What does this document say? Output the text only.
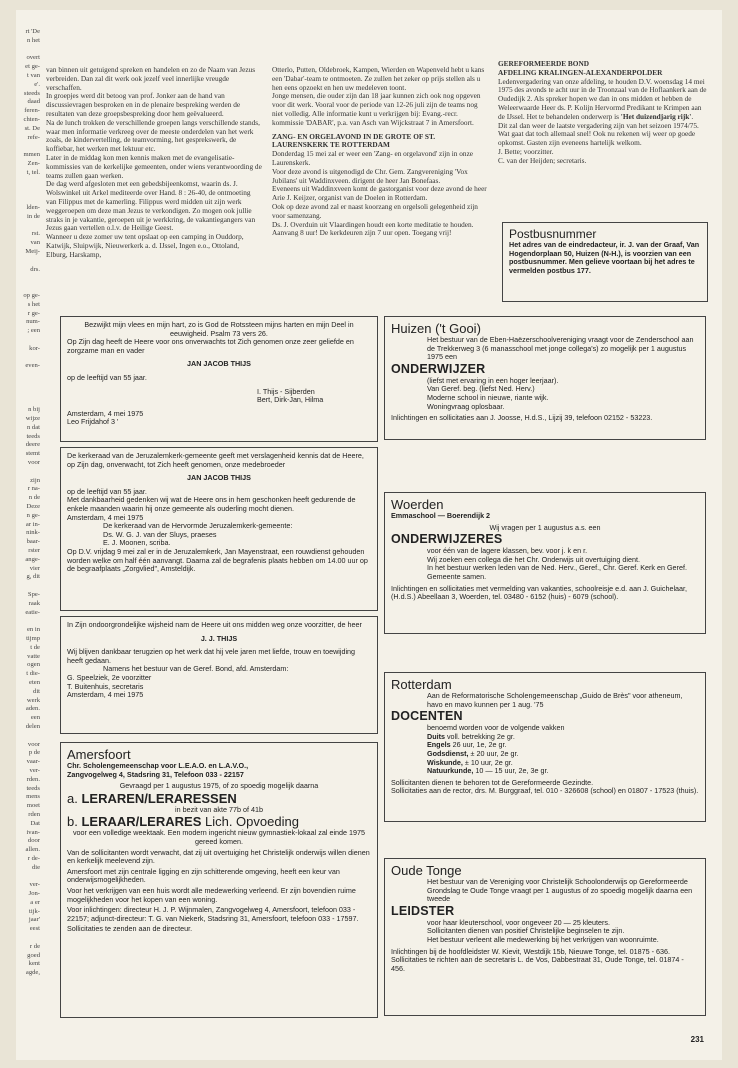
rt 'De

n het

overt

et ge-

t van

e'.

steeds

daad

feren-

chten-

st. De

refe-

mmen

Zen-

t, tel.

lden-

in de

rst.

van

Meij-

drs.

op ge-

s het

r ge-

num-

; een

kor-

even-

n bij

wijze

n dat

teeds

deere

stemt

voor

zijn

r na-

n de

Deze

n ge-

ar in-

nink-

baar-

rster

ange-

vier

g, dit

Spe-

raak

eatie-

en in

tijmp

t de

vatte

ogen

t die-

eten

dit

werk

aden.

een

delen

voor

p de

vaar-

ver-

rden.

teeds

mens

moet

rden

Dat

ivan-

door

allen.

r de-

die

ver-

Jon-

a er

tijk-

jaar'

eest

r de

goed

kent

agde,

van binnen uit getuigend spreken en handelen en zo de Naam van Jezus verbreiden. Dan zal dit werk ook jezelf veel innerlijke vreugde verschaffen.

In groepjes werd dit betoog van prof. Jonker aan de hand van discussievragen besproken en in de plenaire bespreking werden de resultaten van deze groepsbespreking door hem geëvalueerd.

Na de lunch trokken de verschillende groepen langs verschillende stands, waar men informatie verkreeg over de meeste onderdelen van het werk zoals, de kindervertelling, de teamvorming, het gesprekswerk, de koffiebar, het werken met lektuur etc.

Later in de middag kon men kennis maken met de evangelisatie-kommissies van de kerkelijke gemeenten, onder wiens verantwoording de teams zullen gaan werken.

De dag werd afgesloten met een gebedsbijeenkomst, waarin ds. J. Wolswinkel uit Arkel mediteerde over Hand. 8 : 26-40, de ontmoeting van Filippus met de kamerling. Filippus werd midden uit zijn werk weggeroepen om deze man Jezus te verkondigen. Zo mogen ook jullie straks in je vakantie, geroepen uit je werkkring, de vakantiegangers van Jezus gaan vertellen o.l.v. de Heilige Geest.

Wanneer u deze zomer uw tent opslaat op een camping in Ouddorp, Katwijk, Sluipwijk, Nieuwerkerk a. d. IJssel, Ingen e.o., Ottoland, Elburg, Harskamp,

Otterlo, Putten, Oldebroek, Kampen, Wierden en Wapenveld hebt u kans een 'Dabar'-team te ontmoeten. Ze zullen het zeker op prijs stellen als u hen eens opzoekt en hen uw medeleven toont.

Jonge mensen, die ouder zijn dan 18 jaar kunnen zich ook nog opgeven voor dit werk. Vooral voor de periode van 12-26 juli zijn de teams nog niet volledig. Alle informatie kunt u verkrijgen bij: Evang.-recr. kommissie 'DABAR', p.a. van Asch van Wijckstraat 7 in Amersfoort.

ZANG- EN ORGELAVOND IN DE GROTE OF ST. LAURENSKERK TE ROTTERDAM

Donderdag 15 mei zal er weer een 'Zang- en orgelavond' zijn in onze Laurenskerk.

Voor deze avond is uitgenodigd de Chr. Gem. Zangvereniging 'Vox Jubilans' uit Waddinxveen. dirigent de heer Jan Bonefaas.

Eveneens uit Waddinxveen komt de gastorganist voor deze avond de heer Arie J. Keijzer, organist van de Doelen in Rotterdam.

Ook op deze avond zal er naast koorzang en orgelsoli gelegenheid zijn voor samenzang.

Ds. J. Overduin uit Vlaardingen houdt een korte meditatie te houden.

Aanvang 8 uur! De kerkdeuren zijn 7 uur open. Toegang vrij!

GEREFORMEERDE BOND
AFDELING KRALINGEN-ALEXANDERPOLDER

Ledenvergadering van onze afdeling, te houden D.V. woensdag 14 mei 1975 des avonds te acht uur in de Troonzaal van de Hoflaankerk aan de Oudedijk 2. Als spreker hopen we dan in ons midden et hebben de Weleerwaarde Heer ds. P. Kolijn Hervormd Predikant te Krimpen aan de IJssel. Het te behandelen onderwerp is 'Het duizendjarig rijk'.

Dit zal dan weer de laatste vergadering zijn van het seizoen 1974/75. Wat gaat dat toch allemaal snel! Ook nu rekenen wij weer op goede opkomst. Gasten zijn eveneens hartelijk welkom.

J. Bette; voorzitter.

C. van der Heijden; secretaris.

Postbusnummer

Het adres van de eindredacteur, ir. J. van der Graaf, Van Hogendorplaan 50, Huizen (N-H.), is voorzien van een postbusnummer. Men gelieve voortaan bij het adres te vermelden postbus 177.

Bezwijkt mijn vlees en mijn hart, zo is God de Rotssteen mijns harten en mijn Deel in eeuwigheid. Psalm 73 vers 26.

Op Zijn dag heeft de Heere voor ons onverwachts tot Zich genomen onze zeer geliefde en zorgzame man en vader

JAN JACOB THIJS

op de leeftijd van 55 jaar.

I. Thijs - Sijberden

Bert, Dirk-Jan, Hilma

Amsterdam, 4 mei 1975

Leo Frijdahof 3 '

De kerkeraad van de Jeruzalemkerk-gemeente geeft met verslagenheid kennis dat de Heere, op Zijn dag, onverwacht, tot Zich heeft genomen, onze medebroeder

JAN JACOB THIJS

op de leeftijd van 55 jaar.

Met dankbaarheid gedenken wij wat de Heere ons in hem geschonken heeft gedurende de enkele maanden waarin hij onze gemeente als ouderling mocht dienen.

Amsterdam, 4 mei 1975

De kerkeraad van de Hervormde Jeruzalemkerk-gemeente:

Ds. W. G. J. van der Sluys, praeses

E. J. Moonen, scriba.

Op D.V. vrijdag 9 mei zal er in de Jeruzalemkerk, Jan Mayenstraat, een rouwdienst gehouden worden welke om half één aanvangt. Daarna zal de begrafenis plaats hebben om 14.00 uur op de begraafplaats „Zorgvlied", Amsteldijk.

In Zijn ondoorgrondelijke wijsheid nam de Heere uit ons midden weg onze voorzitter, de heer

J. J. THIJS

Wij blijven dankbaar terugzien op het werk dat hij vele jaren met liefde, trouw en toewijding heeft gedaan.

Namens het bestuur van de Geref. Bond, afd. Amsterdam:

G. Speelziek, 2e voorzitter

T. Buitenhuis, secretaris

Amsterdam, 4 mei 1975

Amersfoort

Chr. Scholengemeenschap voor L.E.A.O. en L.A.V.O.,

Zangvogelweg 4, Stadsring 31, Telefoon 033 - 22157

Gevraagd per 1 augustus 1975, of zo spoedig mogelijk daarna

a. LERAREN/LERARESSEN

in bezit van akte 77b of 41b

b. LERAAR/LERARES Lich. Opvoeding

voor een volledige weektaak. Een modern ingericht nieuw gymnastiek-lokaal zal einde 1975 gereed komen.

Van de sollicitanten wordt verwacht, dat zij uit overtuiging het Christelijk onderwijs willen dienen en kerkelijk meelevend zijn.

Amersfoort met zijn centrale ligging en zijn schitterende omgeving, heeft een keur van onderwijsmogelijkheden.

Voor het verkrijgen van een huis wordt alle medewerking verleend. Er zijn bovendien ruime mogelijkheden voor het kopen van een woning.

Voor inlichtingen: directeur H. J. P. Wijnmalen, Zangvogelweg 4, Amersfoort, telefoon 033 - 22157; adjunct-directeur: T. G. van Niekerk, Stadsring 31, Amersfoort, telefoon 033 - 17597.

Sollicitaties te zenden aan de directeur.

Huizen ('t Gooi)

Het bestuur van de Eben-Haëzerschoolvereniging vraagt voor de Zenderschool aan de Trekkerweg 3 (6 manasschool met jonge collega's) zo mogelijk per 1 augustus 1975 een

ONDERWIJZER

(liefst met ervaring in een hoger leerjaar).

Van Geref. beg. (liefst Ned. Herv.)

Moderne school in nieuwe, riante wijk.

Woningvraag oplosbaar.

Inlichtingen en sollicitaties aan J. Joosse, H.d.S., Lijzij 39, telefoon 02152 - 53223.

Woerden

Emmaschool — Boerendijk 2

Wij vragen per 1 augustus a.s. een

ONDERWIJZERES

voor één van de lagere klassen, bev. voor j. k en r.

Wij zoeken een collega die het Chr. Onderwijs uit overtuiging dient.

In het bestuur werken leden van de Ned. Herv., Geref., Chr. Geref. Kerk en Geref. Gemeente samen.

Inlichtingen en sollicitaties met vermelding van vakanties, schoolreisje e.d. aan J. Guichelaar, (H.d.S.) Abeellaan 3, Woerden, tel. 03480 - 6152 (huis) - 6079 (school).

Rotterdam

Aan de Reformatorische Scholengemeenschap „Guido de Brès" voor atheneum, havo en mavo kunnen per 1 aug. '75

DOCENTEN

benoemd worden voor de volgende vakken

Duits voll. betrekking 2e gr.

Engels 26 uur, 1e, 2e gr.

Godsdienst, ± 20 uur, 2e gr.

Wiskunde, ± 10 uur, 2e gr.

Natuurkunde, 10 — 15 uur, 2e, 3e gr.

Sollicitanten dienen te behoren tot de Gereformeerde Gezindte.

Sollicitaties aan de rector, drs. M. Burggraaf, tel. 010 - 326608 (school) en 01807 - 17523 (thuis).

Oude Tonge

Het bestuur van de Vereniging voor Christelijk Schoolonderwijs op Gereformeerde Grondslag te Oude Tonge vraagt per 1 augustus of zo spoedig mogelijk daarna een tweede

LEIDSTER

voor haar kleuterschool, voor ongeveer 20 — 25 kleuters.

Sollicitanten dienen van positief Christelijke beginselen te zijn.

Het bestuur verleent alle medewerking bij het verkrijgen van woonruimte.

Inlichtingen bij de hoofdleidster W. Kievit, Westdijk 15b, Nieuwe Tonge, tel. 01875 - 636.

Sollicitaties te richten aan de secretaris L. de Vos, Dabbestraat 31, Oude Tonge, tel. 01874 - 456.

231
